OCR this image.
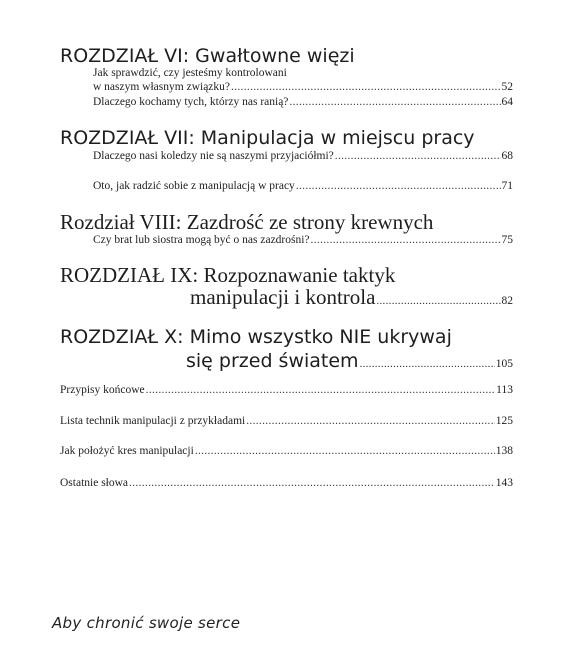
ROZDZIAŁ VI: Gwałtowne więzi
Jak sprawdzić, czy jesteśmy kontrolowani
w naszym własnym związku? .....	52
Dlaczego kochamy tych, którzy nas ranią? .....	64
ROZDZIAŁ VII: Manipulacja w miejscu pracy
Dlaczego nasi koledzy nie są naszymi przyjaciółmi? .....	68
Oto, jak radzić sobie z manipulacją w pracy .....	71
Rozdział VIII: Zazdrość ze strony krewnych
Czy brat lub siostra mogą być o nas zazdrośni? .....	75
ROZDZIAŁ IX: Rozpoznawanie taktyk
manipulacji i kontrola .....	82
ROZDZIAŁ X: Mimo wszystko NIE ukrywaj
się przed światem .....	105
Przypisy końcowe .....	113
Lista technik manipulacji z przykładami .....	125
Jak położyć kres manipulacji .....	138
Ostatnie słowa .....	143
Aby chronić swoje serce
